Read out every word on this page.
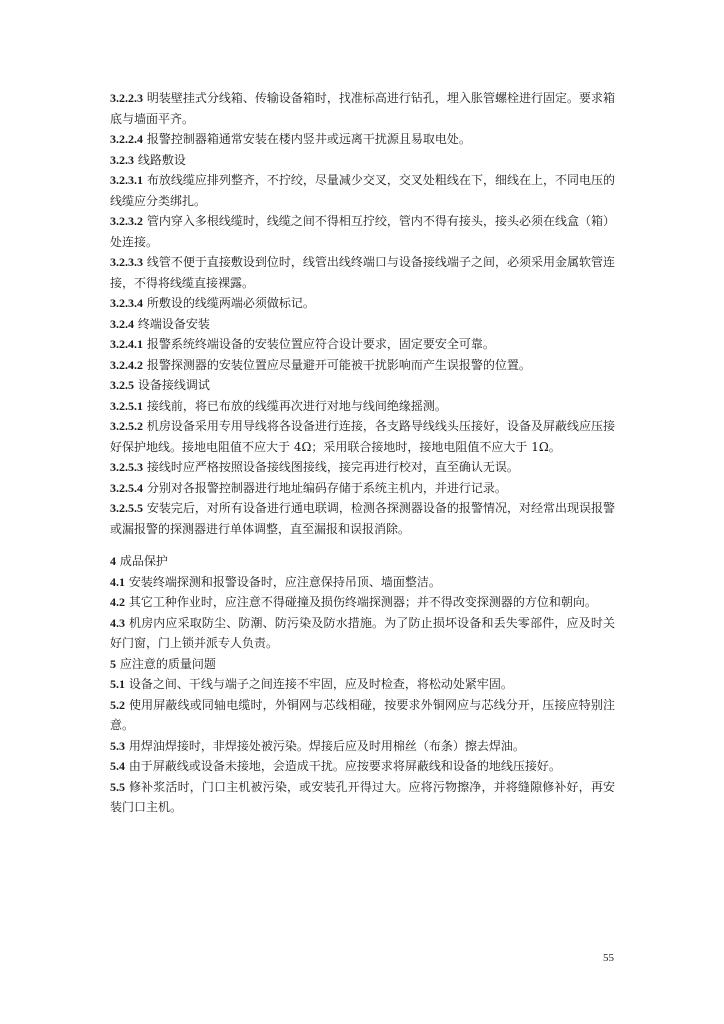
3.2.2.3 明装壁挂式分线箱、传输设备箱时，找准标高进行钻孔，埋入胀管螺栓进行固定。要求箱底与墙面平齐。

3.2.2.4 报警控制器箱通常安装在楼内竖井或远离干扰源且易取电处。

3.2.3 线路敷设

3.2.3.1 布放线缆应排列整齐，不拧绞，尽量减少交叉，交叉处粗线在下，细线在上，不同电压的线缆应分类绑扎。

3.2.3.2 管内穿入多根线缆时，线缆之间不得相互拧绞，管内不得有接头，接头必须在线盒（箱）处连接。

3.2.3.3 线管不便于直接敷设到位时，线管出线终端口与设备接线端子之间，必须采用金属软管连接，不得将线缆直接裸露。

3.2.3.4 所敷设的线缆两端必须做标记。

3.2.4 终端设备安装

3.2.4.1 报警系统终端设备的安装位置应符合设计要求，固定要安全可靠。

3.2.4.2 报警探测器的安装位置应尽量避开可能被干扰影响而产生误报警的位置。

3.2.5 设备接线调试

3.2.5.1 接线前，将已布放的线缆再次进行对地与线间绝缘摇测。

3.2.5.2 机房设备采用专用导线将各设备进行连接，各支路导线线头压接好，设备及屏蔽线应压接好保护地线。接地电阻值不应大于 4Ω；采用联合接地时，接地电阻值不应大于 1Ω。

3.2.5.3 接线时应严格按照设备接线图接线，接完再进行校对，直至确认无误。

3.2.5.4 分别对各报警控制器进行地址编码存储于系统主机内，并进行记录。

3.2.5.5 安装完后，对所有设备进行通电联调，检测各探测器设备的报警情况，对经常出现误报警或漏报警的探测器进行单体调整，直至漏报和误报消除。

4 成品保护

4.1 安装终端探测和报警设备时，应注意保持吊顶、墙面整洁。

4.2 其它工种作业时，应注意不得碰撞及损伤终端探测器；并不得改变探测器的方位和朝向。

4.3 机房内应采取防尘、防潮、防污染及防水措施。为了防止损坏设备和丢失零部件，应及时关好门窗，门上锁并派专人负责。

5 应注意的质量问题

5.1 设备之间、干线与端子之间连接不牢固，应及时检查，将松动处紧牢固。

5.2 使用屏蔽线或同轴电缆时，外铜网与芯线相碰，按要求外铜网应与芯线分开，压接应特别注意。

5.3 用焊油焊接时，非焊接处被污染。焊接后应及时用棉丝（布条）擦去焊油。

5.4 由于屏蔽线或设备未接地，会造成干扰。应按要求将屏蔽线和设备的地线压接好。

5.5 修补浆活时，门口主机被污染，或安装孔开得过大。应将污物擦净，并将缝隙修补好，再安装门口主机。

55
